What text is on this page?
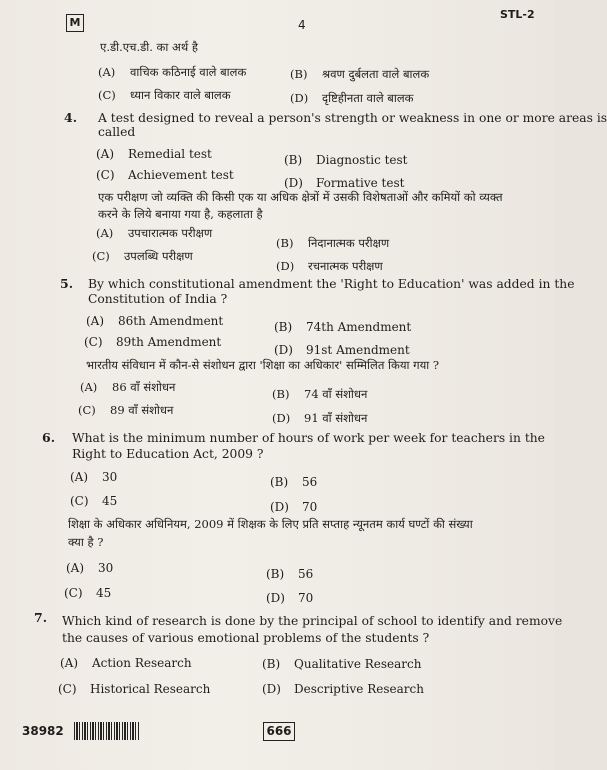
M	4
STL-2
ए.डी.एच.डी. का अर्थ है
(A) वाचिक कठिनाई वाले बालक	(B) श्रवण दुर्बलता वाले बालक
(C) ध्यान विकार वाले बालक	(D) दृष्टिहीनता वाले बालक
4. A test designed to reveal a person's strength or weakness in one or more areas is
called
(A) Remedial test	(B) Diagnostic test
(C) Achievement test
(D) Formative test
एक परीक्षण जो व्यक्ति की किसी एक या अधिक क्षेत्रों में उसकी विशेषताओं और कमियों को व्यक्त
करने के लिये बनाया गया है, कहलाता है
(A) उपचारात्मक परीक्षण
(B) निदानात्मक परीक्षण
(C) उपलब्धि परीक्षण
(D) रचनात्मक परीक्षण
5. By which constitutional amendment the 'Right to Education' was added in the
Constitution of India ?
(A) 86th Amendment	(B) 74th Amendment
(C) 89th Amendment
(D) 91st Amendment
भारतीय संविधान में कौन-से संशोधन द्वारा 'शिक्षा का अधिकार' सम्मिलित किया गया ?
(A) 86 वाँ संशोधन	(B) 74 वाँ संशोधन
(C) 89 वाँ संशोधन
(D) 91 वाँ संशोधन
6. What is the minimum number of hours of work per week for teachers in the
Right to Education Act, 2009 ?
(A) 30	(B) 56
(C) 45	(D) 70
शिक्षा के अधिकार अधिनियम, 2009 में शिक्षक के लिए प्रति सप्ताह न्यूनतम कार्य घण्टों की संख्या
क्या है ?
(A) 30	(B) 56
(C) 45	(D) 70
7. Which kind of research is done by the principal of school to identify and remove
the causes of various emotional problems of the students ?
(A) Action Research	(B) Qualitative Research
(C) Historical Research	(D) Descriptive Research
38982	666
